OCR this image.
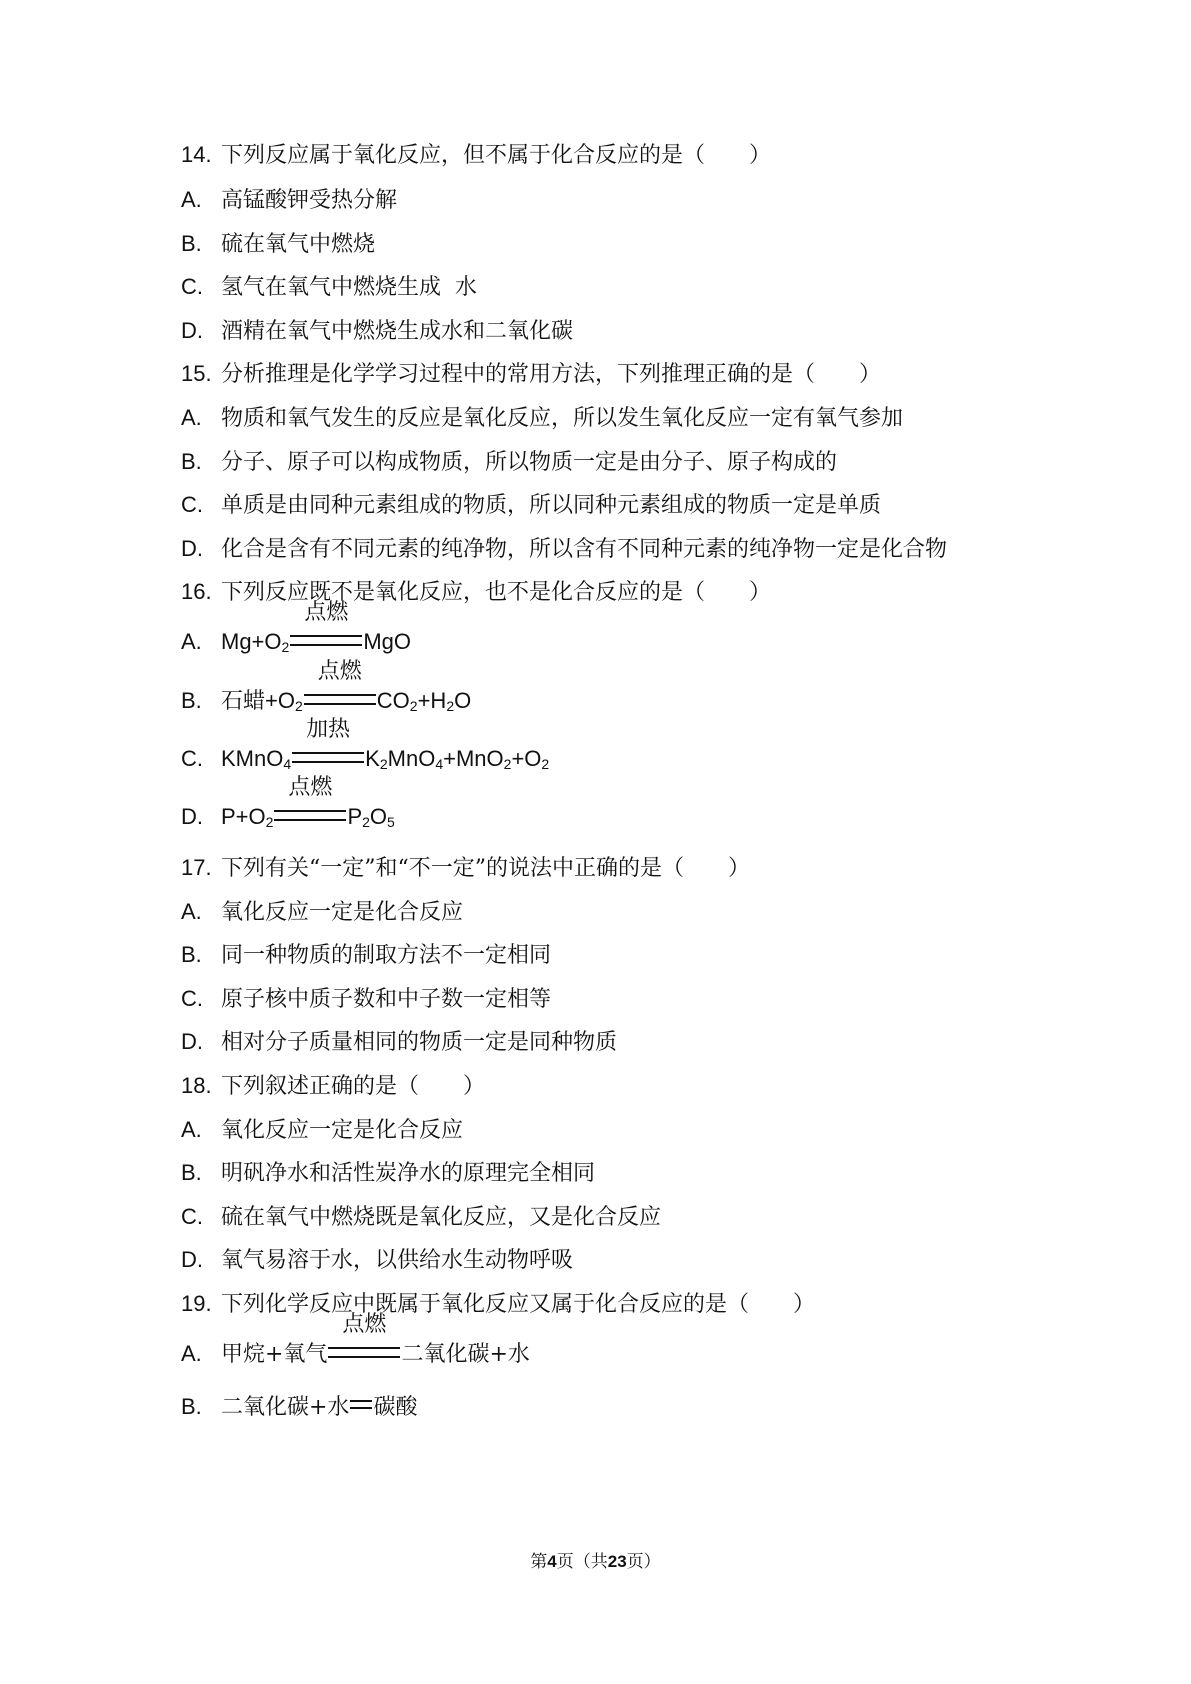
14. 下列反应属于氧化反应，但不属于化合反应的是（　　）
A. 高锰酸钾受热分解
B. 硫在氧气中燃烧
C. 氢气在氧气中燃烧生成  水
D. 酒精在氧气中燃烧生成水和二氧化碳
15. 分析推理是化学学习过程中的常用方法，下列推理正确的是（　　）
A. 物质和氧气发生的反应是氧化反应，所以发生氧化反应一定有氧气参加
B. 分子、原子可以构成物质，所以物质一定是由分子、原子构成的
C. 单质是由同种元素组成的物质，所以同种元素组成的物质一定是单质
D. 化合是含有不同元素的纯净物，所以含有不同种元素的纯净物一定是化合物
16. 下列反应既不是氧化反应，也不是化合反应的是（　　）
A. $Mg+O_2$
点燃
MgO
B. 石蜡$+O_2$
点燃
$CO_2+H_2O$
C. KMnO$_4$
加热
$K_2MnO_4+MnO_2+O_2$
D. $P+O_2$
点燃
$P_2O_5$
17. 下列有关“一定”和“不一定”的说法中正确的是（　　）
A. 氧化反应一定是化合反应
B. 同一种物质的制取方法不一定相同
C. 原子核中质子数和中子数一定相等
D. 相对分子质量相同的物质一定是同种物质
18. 下列叙述正确的是（　　）
A. 氧化反应一定是化合反应
B. 明矾净水和活性炭净水的原理完全相同
C. 硫在氧气中燃烧既是氧化反应，又是化合反应
D. 氧气易溶于水，以供给水生动物呼吸
19. 下列化学反应中既属于氧化反应又属于化合反应的是（　　）
A. 甲烷+氧气
点燃
二氧化碳+水
B. 二氧化碳+水 碳酸
第4页（共23页）
